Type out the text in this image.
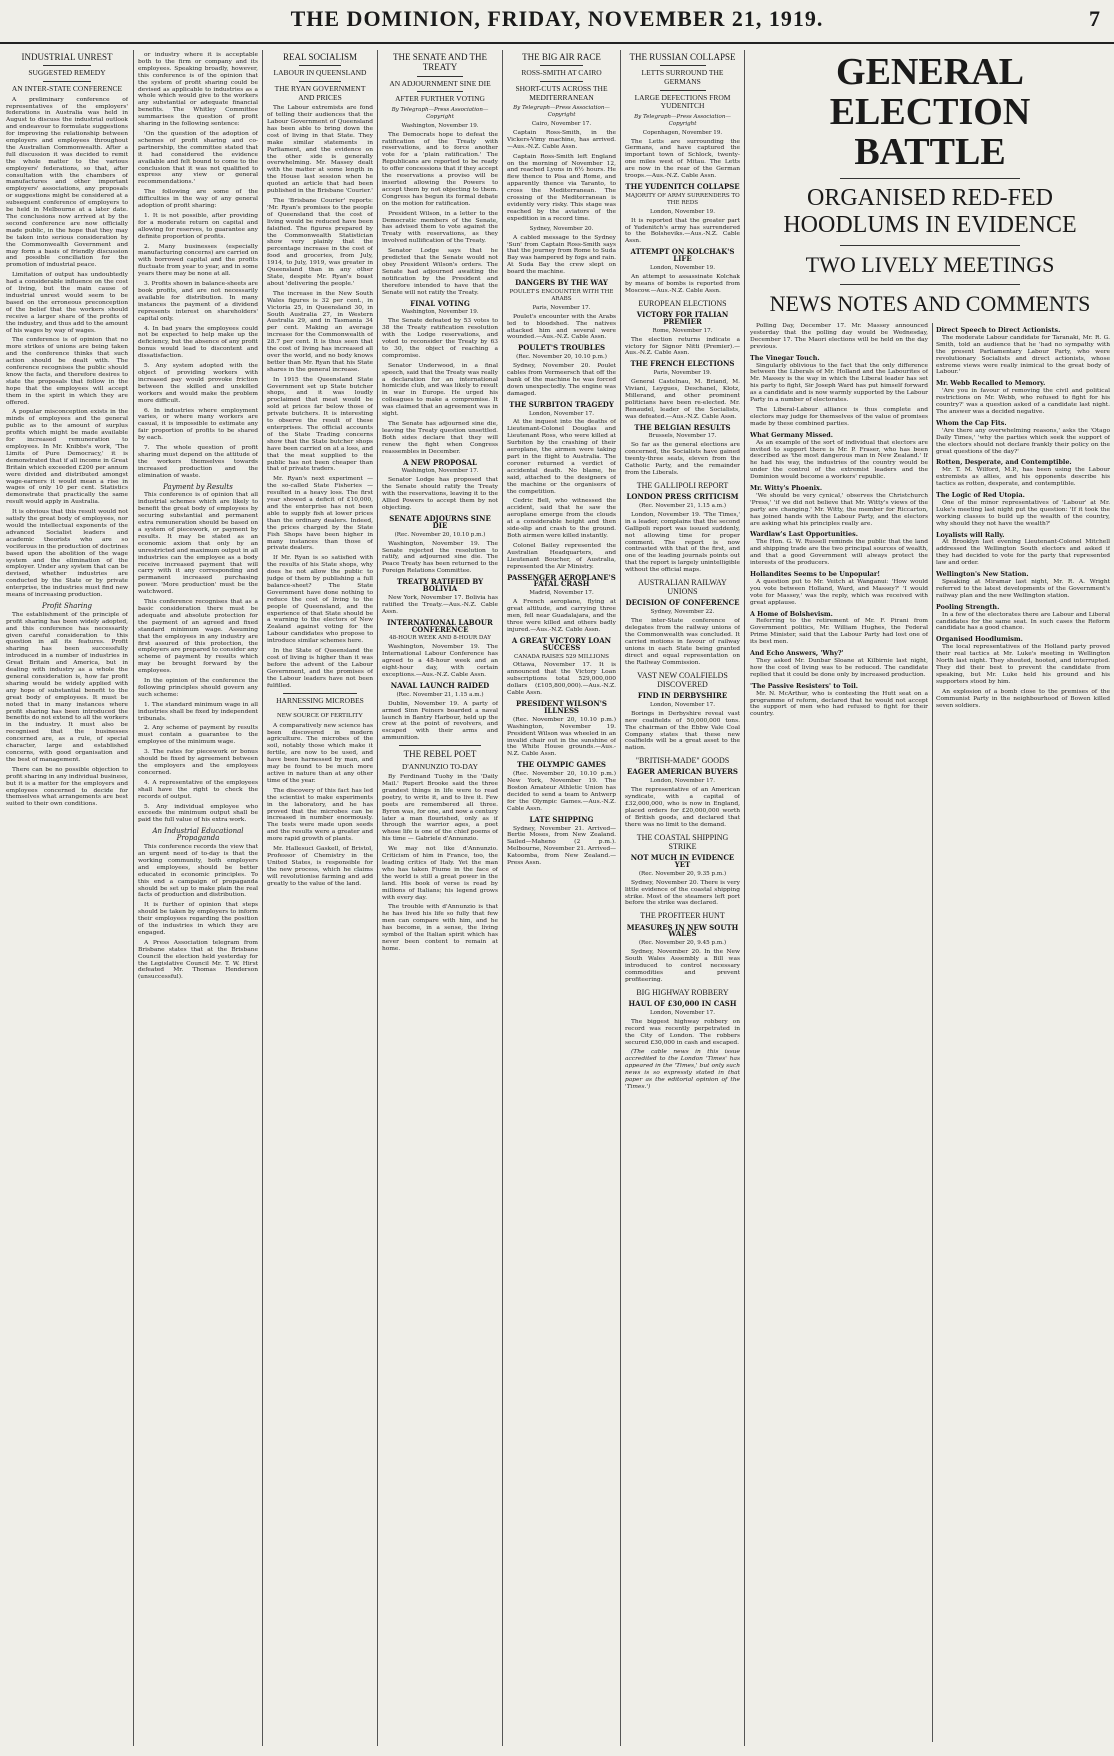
THE DOMINION, FRIDAY, NOVEMBER 21, 1919.	7
INDUSTRIAL UNREST
SUGGESTED REMEDY
AN INTER-STATE CONFERENCE

A preliminary conference of representatives of the employers' federations in Australia was held in August to discuss the industrial outlook and endeavour to formulate suggestions for improving the relationship between employers and employees throughout the Australian Commonwealth. After a full discussion it was decided to remit the whole matter to the various employers' federations, so that, after consultation with the chambers of manufactures and other important employers' associations, any proposals or suggestions might be considered at a subsequent conference of employers to be held in Melbourne at a later date. The conclusions now arrived at by the second conference are now officially made public, in the hope that they may be taken into serious consideration by the Commonwealth Government and may form a basis of friendly discussion and possible conciliation for the promotion of industrial peace.

Limitation of output has undoubtedly had a considerable influence on the cost of living, but the main cause of industrial unrest would seem to be based on the erroneous preconception of the belief that the workers should receive a larger share of the profits of the industry, and thus add to the amount of his wages by way of wages.

The conference is of opinion that no more strikes of unions are being taken and the conference thinks that such action should be dealt with. The conference recognises the public should know the facts, and therefore desires to state the proposals that follow in the hope that the employees will accept them in the spirit in which they are offered.

A popular misconception exists in the minds of employees and the general public as to the amount of surplus profits which might be made available for increased remuneration to employees. In Mr. Knibbs's work, 'The Limits of Pure Democracy,' it is demonstrated that if all income in Great Britain which exceeded £200 per annum were divided and distributed amongst wage-earners it would mean a rise in wages of only 10 per cent. Statistics demonstrate that practically the same result would apply in Australia.

It is obvious that this result would not satisfy the great body of employees, nor would the intellectual exponents of the advanced Socialist leaders and academic theorists who are so vociferous in the production of doctrines based upon the abolition of the wage system and the elimination of the employer. Under any system that can be devised, whether industries are conducted by the State or by private enterprise, the industries must find new means of increasing production.

Profit Sharing

The establishment of the principle of profit sharing has been widely adopted, and this conference has necessarily given careful consideration to this question in all its features. Profit sharing has been successfully introduced in a number of industries in Great Britain and America, but in dealing with industry as a whole the general consideration is, how far profit sharing would be widely applied with any hope of substantial benefit to the great body of employees. It must be noted that in many instances where profit sharing has been introduced the benefits do not extend to all the workers in the industry. It must also be recognised that the businesses concerned are, as a rule, of special character, large and established concerns, with good organisation and the best of management.

There can be no possible objection to profit sharing in any individual business, but it is a matter for the employers and employees concerned to decide for themselves what arrangements are best suited to their own conditions.

or industry where it is acceptable both to the firm or company and its employees. Speaking broadly, however, this conference is of the opinion that the system of profit sharing could be devised as applicable to industries as a whole which would give to the workers any substantial or adequate financial benefits. The Whitley Committee summarises the question of profit sharing in the following sentence:

'On the question of the adoption of schemes of profit sharing and co-partnership, the committee stated that it had considered the evidence available and felt bound to come to the conclusion that it was not qualified to express any view or general recommendations.'

The following are some of the difficulties in the way of any general adoption of profit sharing:

1. It is not possible, after providing for a moderate return on capital and allowing for reserves, to guarantee any definite proportion of profits.

2. Many businesses (especially manufacturing concerns) are carried on with borrowed capital and the profits fluctuate from year to year, and in some years there may be none at all.

3. Profits shown in balance-sheets are book profits, and are not necessarily available for distribution. In many instances the payment of a dividend represents interest on shareholders' capital only.

4. In bad years the employees could not be expected to help make up the deficiency, but the absence of any profit bonus would lead to discontent and dissatisfaction.

5. Any system adopted with the object of providing workers with increased pay would provoke friction between the skilled and unskilled workers and would make the problem more difficult.

6. In industries where employment varies, or where many workers are casual, it is impossible to estimate any fair proportion of profits to be shared by each.

7. The whole question of profit sharing must depend on the attitude of the workers themselves towards increased production and the elimination of waste.

Payment by Results

This conference is of opinion that all industrial schemes which are likely to benefit the great body of employees by securing substantial and permanent extra remuneration should be based on a system of piecework, or payment by results. It may be stated as an economic axiom that only by an unrestricted and maximum output in all industries can the employee as a body receive increased payment that will carry with it any corresponding and permanent increased purchasing power. 'More production' must be the watchword.

This conference recognises that as a basic consideration there must be adequate and absolute protection for the payment of an agreed and fixed standard minimum wage. Assuming that the employees in any industry are first assured of this protection, the employers are prepared to consider any scheme of payment by results which may be brought forward by the employees.

In the opinion of the conference the following principles should govern any such scheme:

1. The standard minimum wage in all industries shall be fixed by independent tribunals.

2. Any scheme of payment by results must contain a guarantee to the employee of the minimum wage.

3. The rates for piecework or bonus should be fixed by agreement between the employers and the employees concerned.

4. A representative of the employees shall have the right to check the records of output.

5. Any individual employee who exceeds the minimum output shall be paid the full value of his extra work.

An Industrial Educational Propaganda

This conference records the view that an urgent need of to-day is that the working community, both employers and employees, should be better educated in economic principles. To this end a campaign of propaganda should be set up to make plain the real facts of production and distribution.

It is further of opinion that steps should be taken by employers to inform their employees regarding the position of the industries in which they are engaged.

A Press Association telegram from Brisbane states that at the Brisbane Council the election held yesterday for the Legislative Council Mr. T. W. Hirst defeated Mr. Thomas Henderson (unsuccessful).

REAL SOCIALISM
LABOUR IN QUEENSLAND
THE RYAN GOVERNMENT AND PRICES

The Labour extremists are fond of telling their audiences that the Labour Government of Queensland has been able to bring down the cost of living in that State. They make similar statements in Parliament, and the evidence on the other side is generally overwhelming. Mr. Massey dealt with the matter at some length in the House last session when he quoted an article that had been published in the Brisbane 'Courier.'

The 'Brisbane Courier' reports: 'Mr. Ryan's promises to the people of Queensland that the cost of living would be reduced have been falsified. The figures prepared by the Commonwealth Statistician show very plainly that the percentage increase in the cost of food and groceries, from July, 1914, to July, 1919, was greater in Queensland than in any other State, despite Mr. Ryan's boast about 'delivering the people.'

The increase in the New South Wales figures is 32 per cent., in Victoria 25, in Queensland 30, in South Australia 27, in Western Australia 29, and in Tasmania 34 per cent. Making an average increase for the Commonwealth of 28.7 per cent. It is thus seen that the cost of living has increased all over the world, and no body knows better than Mr. Ryan that his State shares in the general increase.

In 1915 the Queensland State Government set up State butcher shops, and it was loudly proclaimed that meat would be sold at prices far below those of private butchers. It is interesting to observe the result of these enterprises. The official accounts of the State Trading concerns show that the State butcher shops have been carried on at a loss, and that the meat supplied to the public has not been cheaper than that of private traders.

Mr. Ryan's next experiment — the so-called State Fisheries — resulted in a heavy loss. The first year showed a deficit of £10,000, and the enterprise has not been able to supply fish at lower prices than the ordinary dealers. Indeed, the prices charged by the State Fish Shops have been higher in many instances than those of private dealers.

If Mr. Ryan is so satisfied with the results of his State shops, why does he not allow the public to judge of them by publishing a full balance-sheet? The State Government have done nothing to reduce the cost of living to the people of Queensland, and the experience of that State should be a warning to the electors of New Zealand against voting for the Labour candidates who propose to introduce similar schemes here.

In the State of Queensland the cost of living is higher than it was before the advent of the Labour Government, and the promises of the Labour leaders have not been fulfilled.

HARNESSING MICROBES
NEW SOURCE OF FERTILITY

A comparatively new science has been discovered in modern agriculture. The microbes of the soil, notably those which make it fertile, are now to be used, and have been harnessed by man, and may be found to be much more active in nature than at any other time of the year.

The discovery of this fact has led the scientist to make experiments in the laboratory, and he has proved that the microbes can be increased in number enormously. The tests were made upon seeds and the results were a greater and more rapid growth of plants.

Mr. Hallesuci Gaskell, of Bristol, Professor of Chemistry in the United States, is responsible for the new process, which he claims will revolutionise farming and add greatly to the value of the land.

THE SENATE AND THE TREATY
AN ADJOURNMENT SINE DIE
AFTER FURTHER VOTING
By Telegraph—Press Association—Copyright
Washington, November 19.

The Democrats hope to defeat the ratification of the Treaty with reservations, and to force another vote for a 'plain ratification.' The Republicans are reported to be ready to offer concessions that if they accept the reservations a proviso will be inserted allowing the Powers to accept them by not objecting to them. Congress has begun its formal debate on the motion for ratification.

President Wilson, in a letter to the Democratic members of the Senate, has advised them to vote against the Treaty with reservations, as they involved nullification of the Treaty.

Senator Lodge says that he predicted that the Senate would not obey President Wilson's orders. The Senate had adjourned awaiting the notification by the President and therefore intended to have that the Senate will not ratify the Treaty.

FINAL VOTING
Washington, November 19.

The Senate defeated by 53 votes to 38 the Treaty ratification resolution with the Lodge reservations, and voted to reconsider the Treaty by 63 to 30, the object of reaching a compromise.

Senator Underwood, in a final speech, said that the Treaty was really a declaration for an international homicide club, and was likely to result in war in Europe. He urged his colleagues to make a compromise. It was claimed that an agreement was in sight.

The Senate has adjourned sine die, leaving the Treaty question unsettled. Both sides declare that they will renew the fight when Congress reassembles in December.

A NEW PROPOSAL
Washington, November 17.

Senator Lodge has proposed that the Senate should ratify the Treaty with the reservations, leaving it to the Allied Powers to accept them by not objecting.

SENATE ADJOURNS SINE DIE
(Rec. November 20, 10.10 p.m.)

Washington, November 19. The Senate rejected the resolution to ratify, and adjourned sine die. The Peace Treaty has been returned to the Foreign Relations Committee.

TREATY RATIFIED BY BOLIVIA

New York, November 17. Bolivia has ratified the Treaty.—Aus.-N.Z. Cable Assn.

INTERNATIONAL LABOUR CONFERENCE
48-HOUR WEEK AND 8-HOUR DAY

Washington, November 19. The International Labour Conference has agreed to a 48-hour week and an eight-hour day, with certain exceptions.—Aus.-N.Z. Cable Assn.

NAVAL LAUNCH RAIDED
(Rec. November 21, 1.15 a.m.)

Dublin, November 19. A party of armed Sinn Feiners boarded a naval launch in Bantry Harbour, held up the crew at the point of revolvers, and escaped with their arms and ammunition.

THE REBEL POET
D'ANNUNZIO TO-DAY

By Ferdinand Tuohy in the 'Daily Mail.' Rupert Brooke said the three grandest things in life were to read poetry, to write it, and to live it. Few poets are remembered all three. Byron was, for one, and now a century later a man flourished, only as if through the warrior ages, a poet whose life is one of the chief poems of his time — Gabriele d'Annunzio.

We may not like d'Annunzio. Criticism of him in France, too, the leading critics of Italy. Yet the man who has taken Fiume in the face of the world is still a great power in the land. His book of verse is read by millions of Italians; his legend grows with every day.

The trouble with d'Annunzio is that he has lived his life so fully that few men can compare with him, and he has become, in a sense, the living symbol of the Italian spirit which has never been content to remain at home.

THE BIG AIR RACE
ROSS-SMITH AT CAIRO
SHORT-CUTS ACROSS THE MEDITERRANEAN
By Telegraph—Press Association—Copyright
Cairo, November 17.

Captain Ross-Smith, in the Vickers-Vimy machine, has arrived.—Aus.-N.Z. Cable Assn.

Captain Ross-Smith left England on the morning of November 12, and reached Lyons in 6½ hours. He flew thence to Pisa and Rome, and apparently thence via Taranto, to cross the Mediterranean. The crossing of the Mediterranean is evidently very risky. This stage was reached by the aviators of the expedition in a record time.

Sydney, November 20.

A cabled message to the Sydney 'Sun' from Captain Ross-Smith says that the journey from Rome to Suda Bay was hampered by fogs and rain. At Suda Bay the crew slept on board the machine.

DANGERS BY THE WAY
POULET'S ENCOUNTER WITH THE ARABS
Paris, November 17.

Poulet's encounter with the Arabs led to bloodshed. The natives attacked him and several were wounded.—Aus.-N.Z. Cable Assn.

POULET'S TROUBLES
(Rec. November 20, 10.10 p.m.)

Sydney, November 20. Poulet cables from Vermeersch that off the bank of the machine he was forced down unexpectedly. The engine was damaged.

THE SURBITON TRAGEDY
London, November 17.

At the inquest into the deaths of Lieutenant-Colonel Douglas and Lieutenant Ross, who were killed at Surbiton by the crashing of their aeroplane, the airmen were taking part in the flight to Australia. The coroner returned a verdict of accidental death. No blame, he said, attached to the designers of the machine or the organisers of the competition.

Cedric Bell, who witnessed the accident, said that he saw the aeroplane emerge from the clouds at a considerable height and then side-slip and crash to the ground. Both airmen were killed instantly.

Colonel Bailey represented the Australian Headquarters, and Lieutenant Boucher, of Australia, represented the Air Ministry.

PASSENGER AEROPLANE'S FATAL CRASH
Madrid, November 17.

A French aeroplane, flying at great altitude, and carrying three men, fell near Guadalajara, and the three were killed and others badly injured.—Aus.-N.Z. Cable Assn.

A GREAT VICTORY LOAN SUCCESS
CANADA RAISES 529 MILLIONS

Ottawa, November 17. It is announced that the Victory Loan subscriptions total 529,000,000 dollars (£105,800,000).—Aus.-N.Z. Cable Assn.

PRESIDENT WILSON'S ILLNESS

(Rec. November 20, 10.10 p.m.) Washington, November 19. President Wilson was wheeled in an invalid chair out in the sunshine of the White House grounds.—Aus.-N.Z. Cable Assn.

THE OLYMPIC GAMES

(Rec. November 20, 10.10 p.m.) New York, November 19. The Boston Amateur Athletic Union has decided to send a team to Antwerp for the Olympic Games.—Aus.-N.Z. Cable Assn.

LATE SHIPPING

Sydney, November 21. Arrived—Bertie Moses, from New Zealand. Sailed—Maheno (2 p.m.). Melbourne, November 21. Arrived—Katoomba, from New Zealand.—Press Assn.

THE RUSSIAN COLLAPSE
LETTS SURROUND THE GERMANS
LARGE DEFECTIONS FROM YUDENITCH
By Telegraph—Press Association—Copyright
Copenhagen, November 19.

The Letts are surrounding the Germans, and have captured the important town of Schlock, twenty-one miles west of Mitau. The Letts are now in the rear of the German troops.—Aus.-N.Z. Cable Assn.

THE YUDENITCH COLLAPSE
MAJORITY OF ARMY SURRENDERS TO THE REDS
London, November 19.

It is reported that the greater part of Yudenitch's army has surrendered to the Bolsheviks.—Aus.-N.Z. Cable Assn.

ATTEMPT ON KOLCHAK'S LIFE
London, November 19.

An attempt to assassinate Kolchak by means of bombs is reported from Moscow.—Aus.-N.Z. Cable Assn.

EUROPEAN ELECTIONS
VICTORY FOR ITALIAN PREMIER
Rome, November 17.

The election returns indicate a victory for Signor Nitti (Premier).—Aus.-N.Z. Cable Assn.

THE FRENCH ELECTIONS
Paris, November 19.

General Castelnau, M. Briand, M. Viviani, Leygues, Deschanel, Klotz, Millerand, and other prominent politicians have been re-elected. Mr. Renaudel, leader of the Socialists, was defeated.—Aus.-N.Z. Cable Assn.

THE BELGIAN RESULTS
Brussels, November 17.

So far as the general elections are concerned, the Socialists have gained twenty-three seats, eleven from the Catholic Party, and the remainder from the Liberals.

THE GALLIPOLI REPORT
LONDON PRESS CRITICISM
(Rec. November 21, 1.15 a.m.)

London, November 19. 'The Times,' in a leader, complains that the second Gallipoli report was issued suddenly, not allowing time for proper comment. The report is now contrasted with that of the first, and one of the leading journals points out that the report is largely unintelligible without the official maps.

AUSTRALIAN RAILWAY UNIONS
DECISION OF CONFERENCE
Sydney, November 22.

The inter-State conference of delegates from the railway unions of the Commonwealth was concluded. It carried motions in favour of railway unions in each State being granted direct and equal representation on the Railway Commission.

VAST NEW COALFIELDS DISCOVERED
FIND IN DERBYSHIRE
London, November 17.

Borings in Derbyshire reveal vast new coalfields of 50,000,000 tons. The chairman of the Ebbw Vale Coal Company states that these new coalfields will be a great asset to the nation.

"BRITISH-MADE" GOODS
EAGER AMERICAN BUYERS
London, November 17.

The representative of an American syndicate, with a capital of £32,000,000, who is now in England, placed orders for £20,000,000 worth of British goods, and declared that there was no limit to the demand.

THE COASTAL SHIPPING STRIKE
NOT MUCH IN EVIDENCE YET
(Rec. November 20, 9.35 p.m.)

Sydney, November 20. There is very little evidence of the coastal shipping strike. Most of the steamers left port before the strike was declared.

THE PROFITEER HUNT
MEASURES IN NEW SOUTH WALES
(Rec. November 20, 9.45 p.m.)

Sydney, November 20. In the New South Wales Assembly a Bill was introduced to control necessary commodities and prevent profiteering.

BIG HIGHWAY ROBBERY
HAUL OF £30,000 IN CASH
London, November 17.

The biggest highway robbery on record was recently perpetrated in the City of London. The robbers secured £30,000 in cash and escaped.

(The cable news in this issue accredited to the London 'Times' has appeared in the 'Times,' but only such news is so expressly stated in that paper as the editorial opinion of the 'Times.')

GENERAL ELECTION BATTLE
ORGANISED RED-FED HOODLUMS IN EVIDENCE
TWO LIVELY MEETINGS
NEWS NOTES AND COMMENTS

Polling Day, December 17. Mr. Massey announced yesterday that the polling day would be Wednesday, December 17. The Maori elections will be held on the day previous.

The Vinegar Touch.

Singularly oblivious to the fact that the only difference between the Liberals of Mr. Holland and the Labourites of Mr. Massey is the way in which the Liberal leader has set his party to fight, Sir Joseph Ward has put himself forward as a candidate and is now warmly supported by the Labour Party in a number of electorates.

The Liberal-Labour alliance is thus complete and electors may judge for themselves of the value of promises made by these combined parties.

What Germany Missed.

As an example of the sort of individual that electors are invited to support there is Mr. P. Fraser, who has been described as 'the most dangerous man in New Zealand.' If he had his way, the industries of the country would be under the control of the extremist leaders and the Dominion would become a workers' republic.

Mr. Witty's Phoenix.

'We should be very cynical,' observes the Christchurch 'Press,' 'if we did not believe that Mr. Witty's views of the party are changing.' Mr. Witty, the member for Riccarton, has joined hands with the Labour Party, and the electors are asking what his principles really are.

Wardlaw's Last Opportunities.

The Hon. G. W. Russell reminds the public that the land and shipping trade are the two principal sources of wealth, and that a good Government will always protect the interests of the producers.

Hollandites Seems to be Unpopular!

A question put to Mr. Veitch at Wanganui: 'How would you vote between Holland, Ward, and Massey?' 'I would vote for Massey,' was the reply, which was received with great applause.

A Home of Bolshevism.

Referring to the retirement of Mr. F. Pirani from Government politics, Mr. William Hughes, the Federal Prime Minister, said that the Labour Party had lost one of its best men.

And Echo Answers, 'Why?'

They asked Mr. Dunbar Sloane at Kilbirnie last night, how the cost of living was to be reduced. The candidate replied that it could be done only by increased production.

'The Passive Resisters' to Toil.

Mr. N. McArthur, who is contesting the Hutt seat on a programme of reform, declared that he would not accept the support of men who had refused to fight for their country.

Direct Speech to Direct Actionists.

The moderate Labour candidate for Taranaki, Mr. R. G. Smith, told an audience that he 'had no sympathy with the present Parliamentary Labour Party, who were revolutionary Socialists and direct actionists, whose extreme views were really inimical to the great body of Labour.'

Mr. Webb Recalled to Memory.

'Are you in favour of removing the civil and political restrictions on Mr. Webb, who refused to fight for his country?' was a question asked of a candidate last night. The answer was a decided negative.

Whom the Cap Fits.

'Are there any overwhelming reasons,' asks the 'Otago Daily Times,' 'why the parties which seek the support of the electors should not declare frankly their policy on the great questions of the day?'

Rotten, Desperate, and Contemptible.

Mr. T. M. Wilford, M.P., has been using the Labour extremists as allies, and his opponents describe his tactics as rotten, desperate, and contemptible.

The Logic of Red Utopia.

One of the minor representatives of 'Labour' at Mr. Luke's meeting last night put the question: 'If it took the working classes to build up the wealth of the country, why should they not have the wealth?'

Loyalists will Rally.

At Brooklyn last evening Lieutenant-Colonel Mitchell addressed the Wellington South electors and asked if they had decided to vote for the party that represented law and order.

Wellington's New Station.

Speaking at Miramar last night, Mr. R. A. Wright referred to the latest developments of the Government's railway plan and the new Wellington station.

Pooling Strength.

In a few of the electorates there are Labour and Liberal candidates for the same seat. In such cases the Reform candidate has a good chance.

Organised Hoodlumism.

The local representatives of the Holland party proved their real tactics at Mr. Luke's meeting in Wellington North last night. They shouted, hooted, and interrupted. They did their best to prevent the candidate from speaking, but Mr. Luke held his ground and his supporters stood by him.

An explosion of a bomb close to the premises of the Communist Party in the neighbourhood of Bowen killed seven soldiers.
